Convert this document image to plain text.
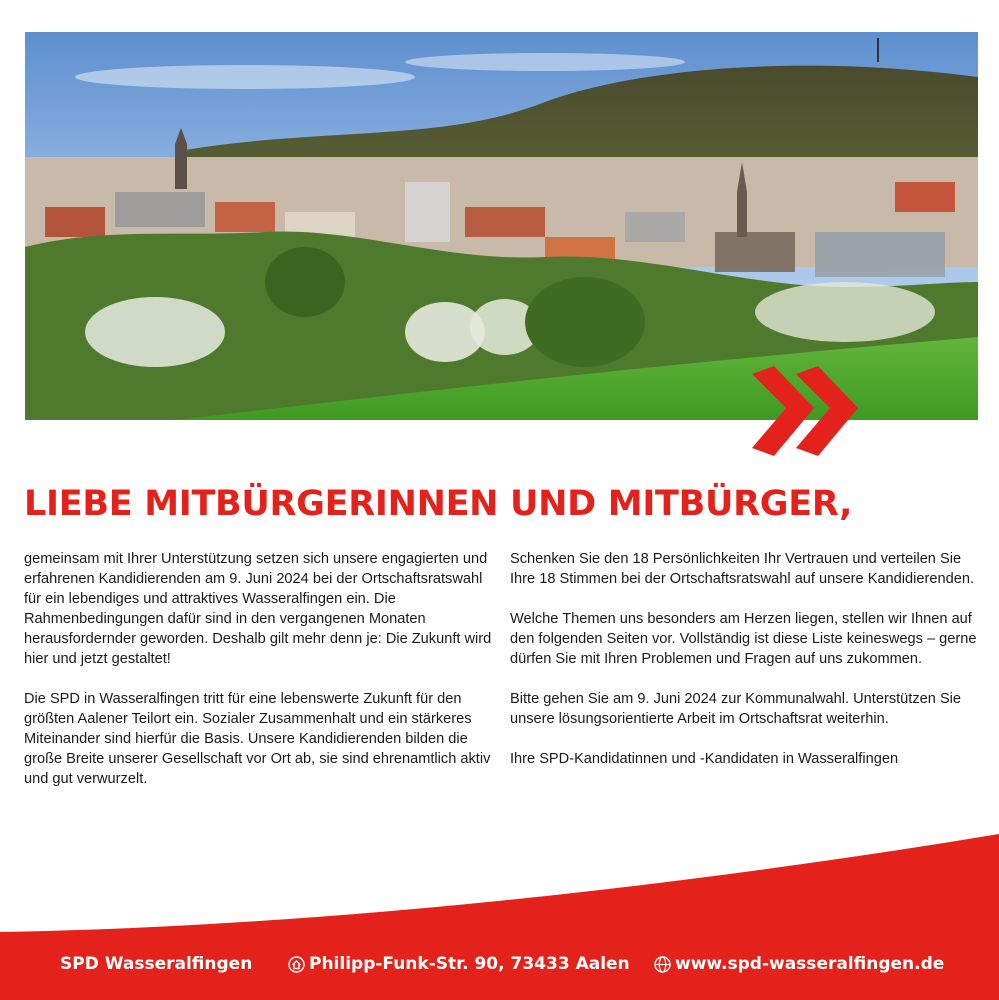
LIEBE MITBÜRGERINNEN UND MITBÜRGER,

gemeinsam mit Ihrer Unterstützung setzen sich unsere engagierten und erfahrenen Kandidierenden am 9. Juni 2024 bei der Ortschaftsratswahl für ein lebendiges und attraktives Wasseralfingen ein. Die Rahmenbedingungen dafür sind in den vergangenen Monaten herausfordernder geworden. Deshalb gilt mehr denn je: Die Zukunft wird hier und jetzt gestaltet!

Die SPD in Wasseralfingen tritt für eine lebenswerte Zukunft für den größten Aalener Teilort ein. Sozialer Zusammenhalt und ein stärkeres Miteinander sind hierfür die Basis. Unsere Kandidierenden bilden die große Breite unserer Gesellschaft vor Ort ab, sie sind ehrenamtlich aktiv und gut verwurzelt.

Schenken Sie den 18 Persönlichkeiten Ihr Vertrauen und verteilen Sie Ihre 18 Stimmen bei der Ortschaftsratswahl auf unsere Kandidierenden.

Welche Themen uns besonders am Herzen liegen, stellen wir Ihnen auf den folgenden Seiten vor. Vollständig ist diese Liste keineswegs – gerne dürfen Sie mit Ihren Problemen und Fragen auf uns zukommen.

Bitte gehen Sie am 9. Juni 2024 zur Kommunalwahl. Unterstützen Sie unsere lösungsorientierte Arbeit im Ortschaftsrat weiterhin.

Ihre SPD-Kandidatinnen und -Kandidaten in Wasseralfingen

SPD Wasseralfingen	Philipp-Funk-Str. 90, 73433 Aalen	www.spd-wasseralfingen.de
